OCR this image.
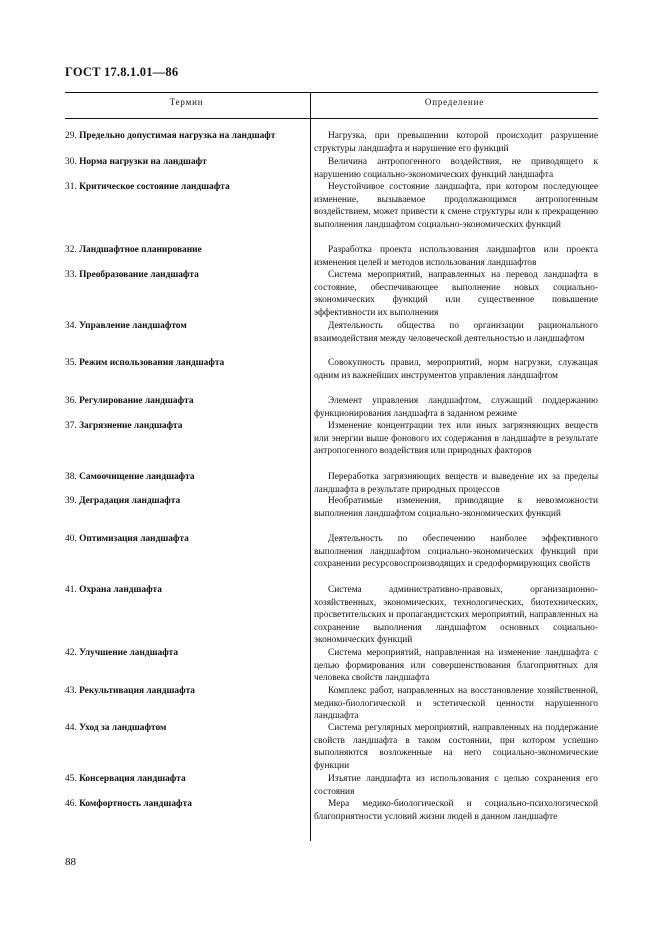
ГОСТ 17.8.1.01—86
Термин	Определение
29. Предельно допустимая нагрузка на ландшафт	Нагрузка, при превышении которой происходит разрушение структуры ландшафта и нарушение его функций
30. Норма нагрузки на ландшафт	Величина антропогенного воздействия, не приводящего к нарушению социально-экономических функций ландшафта
31. Критическое состояние ландшафта	Неустойчивое состояние ландшафта, при котором последующее изменение, вызываемое продолжающимся антропогенным воздействием, может привести к смене структуры или к прекращению выполнения ландшафтом социально-экономических функций
32. Ландшафтное планирование	Разработка проекта использования ландшафтов или проекта изменения целей и методов использования ландшафтов
33. Преобразование ландшафта	Система мероприятий, направленных на перевод ландшафта в состояние, обеспечивающее выполнение новых социально-экономических функций или существенное повышение эффективности их выполнения
34. Управление ландшафтом	Деятельность общества по организации рационального взаимодействия между человеческой деятельностью и ландшафтом
35. Режим использования ландшафта	Совокупность правил, мероприятий, норм нагрузки, служащая одним из важнейших инструментов управления ландшафтом
36. Регулирование ландшафта	Элемент управления ландшафтом, служащий поддержанию функционирования ландшафта в заданном режиме
37. Загрязнение ландшафта	Изменение концентрации тех или иных загрязняющих веществ или энергии выше фонового их содержания в ландшафте в результате антропогенного воздействия или природных факторов
38. Самоочищение ландшафта	Переработка загрязняющих веществ и выведение их за пределы ландшафта в результате природных процессов
39. Деградация ландшафта	Необратимые изменения, приводящие к невозможности выполнения ландшафтом социально-экономических функций
40. Оптимизация ландшафта	Деятельность по обеспечению наиболее эффективного выполнения ландшафтом социально-экономических функций при сохранении ресурсовоспроизводящих и средоформирующих свойств
41. Охрана ландшафта	Система административно-правовых, организационно-хозяйственных, экономических, технологических, биотехнических, просветительских и пропагандистских мероприятий, направленных на сохранение выполнения ландшафтом основных социально-экономических функций
42. Улучшение ландшафта	Система мероприятий, направленная на изменение ландшафта с целью формирования или совершенствования благоприятных для человека свойств ландшафта
43. Рекультивация ландшафта	Комплекс работ, направленных на восстановление хозяйственной, медико-биологической и эстетической ценности нарушенного ландшафта
44. Уход за ландшафтом	Система регулярных мероприятий, направленных на поддержание свойств ландшафта в таком состоянии, при котором успешно выполняются возложенные на него социально-экономические функции
45. Консервация ландшафта	Изъятие ландшафта из использования с целью сохранения его состояния
46. Комфортность ландшафта	Мера медико-биологической и социально-психологической благоприятности условий жизни людей в данном ландшафте
88
